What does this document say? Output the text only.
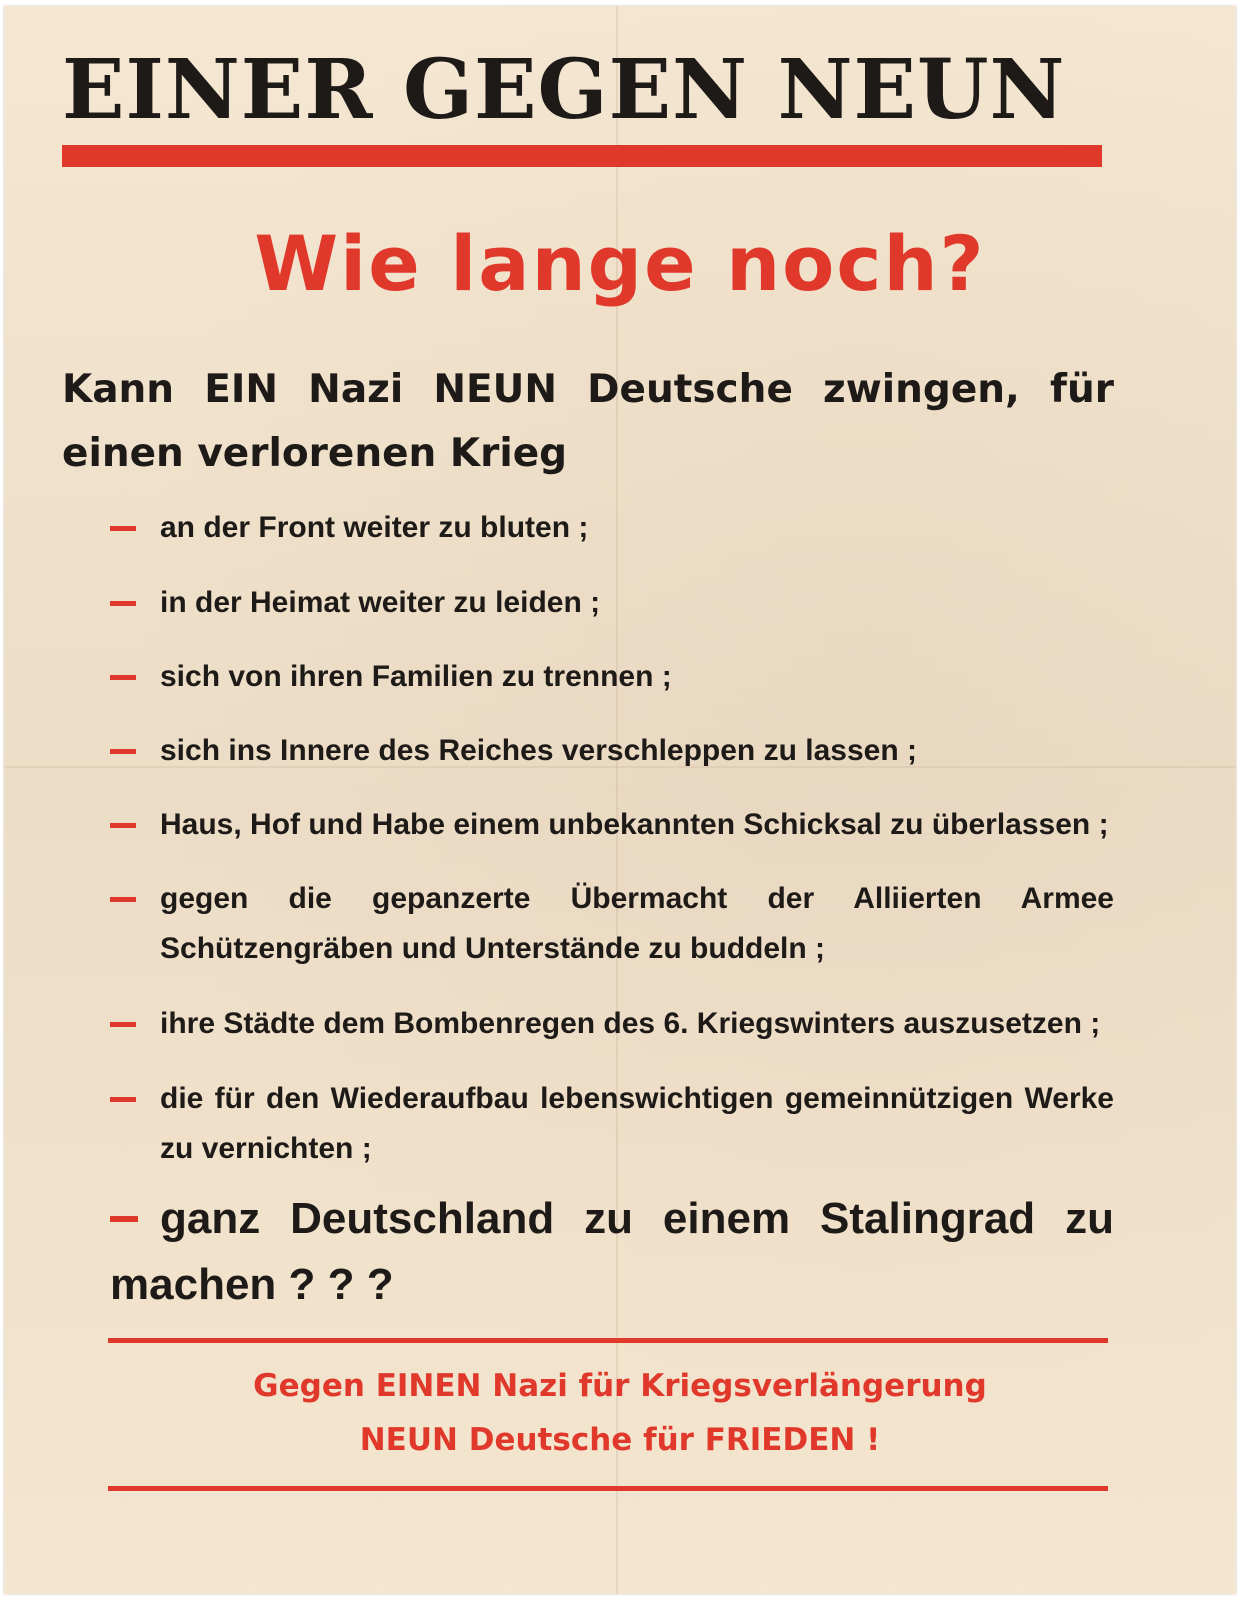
EINER GEGEN NEUN
Wie lange noch?

Kann EIN Nazi NEUN Deutsche zwingen, für einen verlorenen Krieg

an der Front weiter zu bluten ;
in der Heimat weiter zu leiden ;
sich von ihren Familien zu trennen ;
sich ins Innere des Reiches verschleppen zu lassen ;
Haus, Hof und Habe einem unbekannten Schicksal zu überlassen ;
gegen die gepanzerte Übermacht der Alliierten Armee Schützengräben und Unterstände zu buddeln ;
ihre Städte dem Bombenregen des 6. Kriegswinters auszusetzen ;
die für den Wiederaufbau lebenswichtigen gemeinnützigen Werke zu vernichten ;
ganz Deutschland zu einem Stalingrad zu machen ? ? ?

Gegen EINEN Nazi für Kriegsverlängerung

NEUN Deutsche für FRIEDEN !
